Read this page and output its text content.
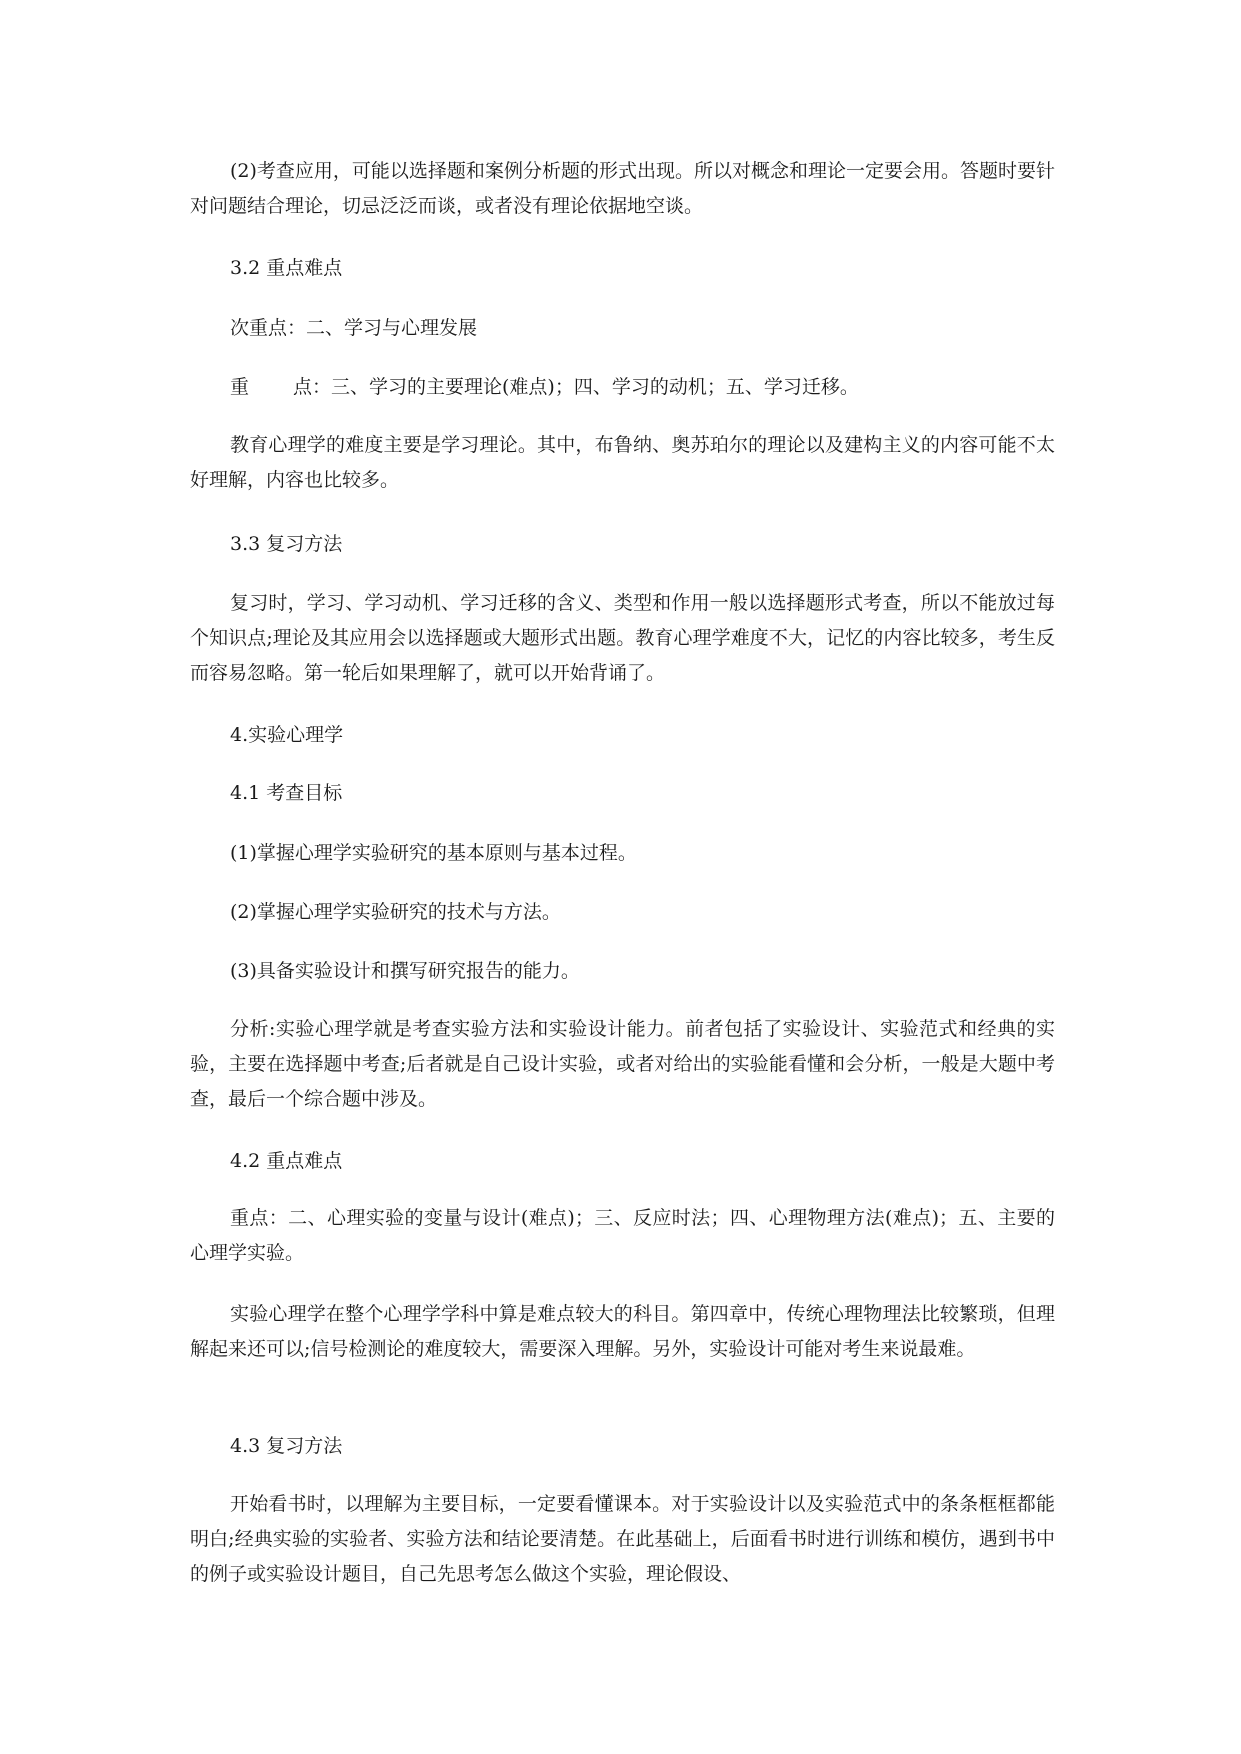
(2)考查应用，可能以选择题和案例分析题的形式出现。所以对概念和理论一定要会用。答题时要针对问题结合理论，切忌泛泛而谈，或者没有理论依据地空谈。

3.2 重点难点

次重点：二、学习与心理发展

重 点：三、学习的主要理论(难点)；四、学习的动机；五、学习迁移。

教育心理学的难度主要是学习理论。其中，布鲁纳、奥苏珀尔的理论以及建构主义的内容可能不太好理解，内容也比较多。

3.3 复习方法

复习时，学习、学习动机、学习迁移的含义、类型和作用一般以选择题形式考查，所以不能放过每个知识点;理论及其应用会以选择题或大题形式出题。教育心理学难度不大，记忆的内容比较多，考生反而容易忽略。第一轮后如果理解了，就可以开始背诵了。

4.实验心理学

4.1 考查目标

(1)掌握心理学实验研究的基本原则与基本过程。

(2)掌握心理学实验研究的技术与方法。

(3)具备实验设计和撰写研究报告的能力。

分析:实验心理学就是考查实验方法和实验设计能力。前者包括了实验设计、实验范式和经典的实验，主要在选择题中考查;后者就是自己设计实验，或者对给出的实验能看懂和会分析，一般是大题中考查，最后一个综合题中涉及。

4.2 重点难点

重点：二、心理实验的变量与设计(难点)；三、反应时法；四、心理物理方法(难点)；五、主要的心理学实验。

实验心理学在整个心理学学科中算是难点较大的科目。第四章中，传统心理物理法比较繁琐，但理解起来还可以;信号检测论的难度较大，需要深入理解。另外，实验设计可能对考生来说最难。

4.3 复习方法

开始看书时，以理解为主要目标，一定要看懂课本。对于实验设计以及实验范式中的条条框框都能明白;经典实验的实验者、实验方法和结论要清楚。在此基础上，后面看书时进行训练和模仿，遇到书中的例子或实验设计题目，自己先思考怎么做这个实验，理论假设、
